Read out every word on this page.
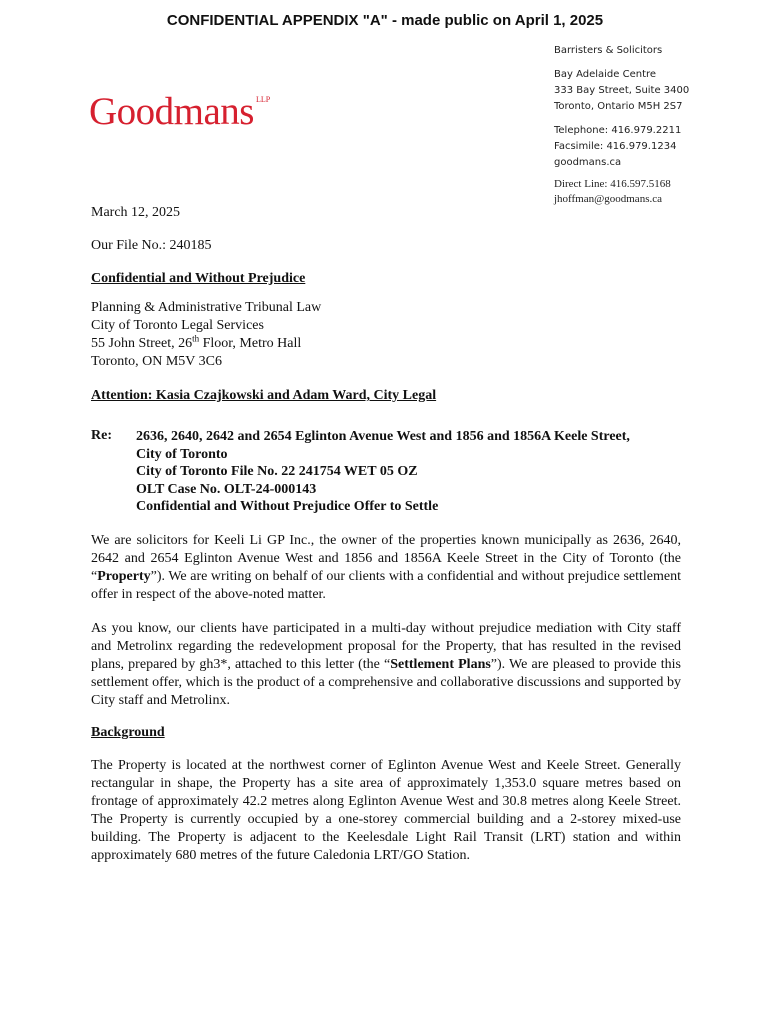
CONFIDENTIAL APPENDIX "A" - made public on April 1, 2025
Goodmans LLP
Barristers & Solicitors
Bay Adelaide Centre
333 Bay Street, Suite 3400
Toronto, Ontario M5H 2S7
Telephone: 416.979.2211
Facsimile: 416.979.1234
goodmans.ca
Direct Line: 416.597.5168
jhoffman@goodmans.ca
March 12, 2025
Our File No.: 240185
Confidential and Without Prejudice
Planning & Administrative Tribunal Law
City of Toronto Legal Services
55 John Street, 26th Floor, Metro Hall
Toronto, ON M5V 3C6
Attention: Kasia Czajkowski and Adam Ward, City Legal
Re: 2636, 2640, 2642 and 2654 Eglinton Avenue West and 1856 and 1856A Keele Street,
City of Toronto
City of Toronto File No. 22 241754 WET 05 OZ
OLT Case No. OLT-24-000143
Confidential and Without Prejudice Offer to Settle
We are solicitors for Keeli Li GP Inc., the owner of the properties known municipally as 2636, 2640, 2642 and 2654 Eglinton Avenue West and 1856 and 1856A Keele Street in the City of Toronto (the “Property”). We are writing on behalf of our clients with a confidential and without prejudice settlement offer in respect of the above-noted matter.
As you know, our clients have participated in a multi-day without prejudice mediation with City staff and Metrolinx regarding the redevelopment proposal for the Property, that has resulted in the revised plans, prepared by gh3*, attached to this letter (the “Settlement Plans”). We are pleased to provide this settlement offer, which is the product of a comprehensive and collaborative discussions and supported by City staff and Metrolinx.
Background
The Property is located at the northwest corner of Eglinton Avenue West and Keele Street. Generally rectangular in shape, the Property has a site area of approximately 1,353.0 square metres based on frontage of approximately 42.2 metres along Eglinton Avenue West and 30.8 metres along Keele Street. The Property is currently occupied by a one-storey commercial building and a 2-storey mixed-use building. The Property is adjacent to the Keelesdale Light Rail Transit (LRT) station and within approximately 680 metres of the future Caledonia LRT/GO Station.
